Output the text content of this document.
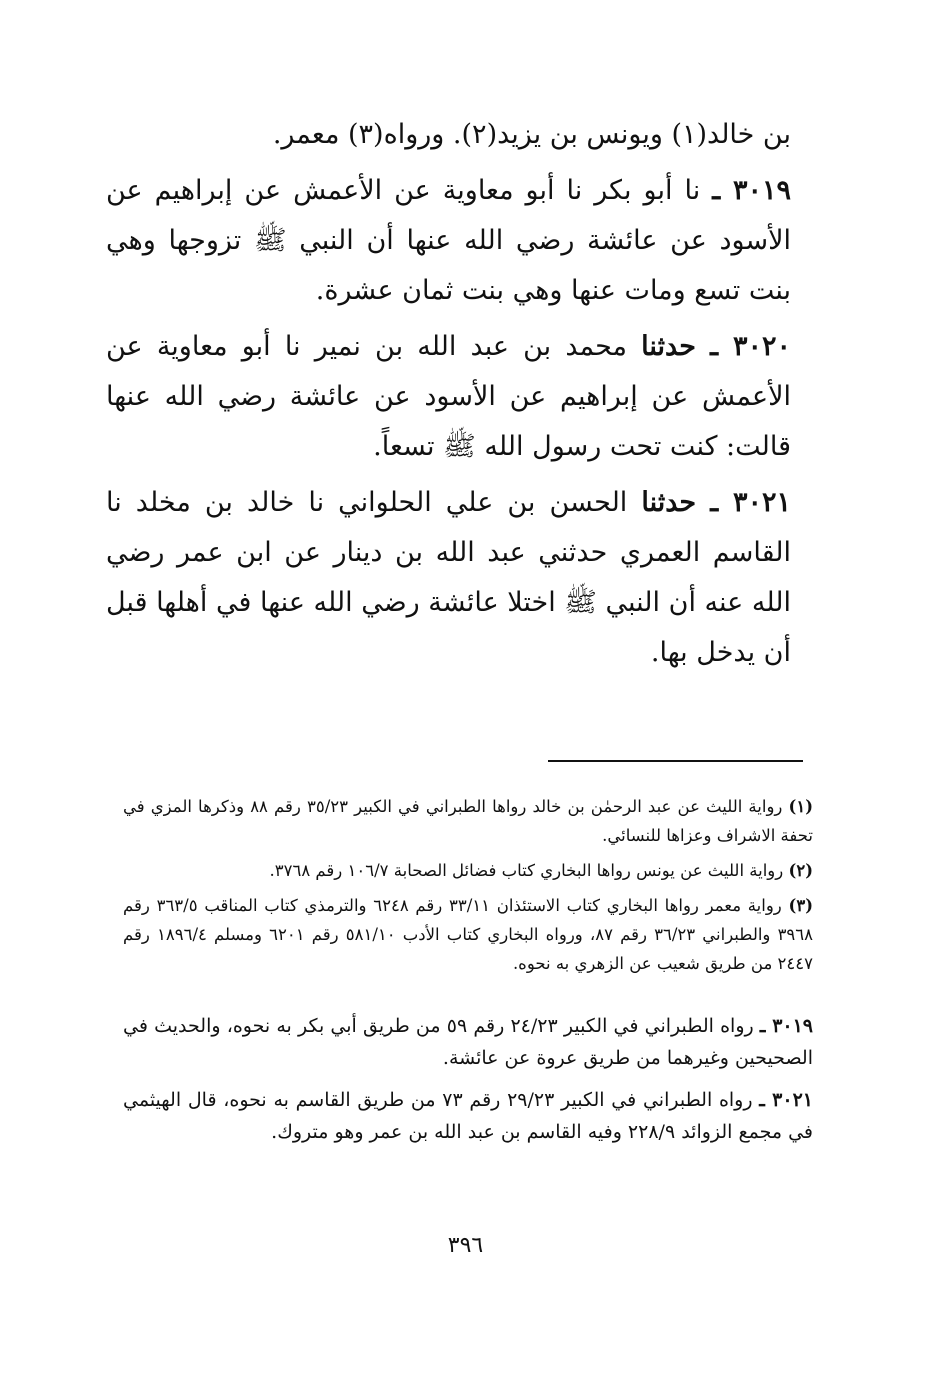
بن خالد(١) ويونس بن يزيد(٢). ورواه(٣) معمر.

٣٠١٩ ـ نا أبو بكر نا أبو معاوية عن الأعمش عن إبراهيم عن الأسود عن عائشة رضي الله عنها أن النبي ﷺ تزوجها وهي بنت تسع ومات عنها وهي بنت ثمان عشرة.

٣٠٢٠ ـ حدثنا محمد بن عبد الله بن نمير نا أبو معاوية عن الأعمش عن إبراهيم عن الأسود عن عائشة رضي الله عنها قالت: كنت تحت رسول الله ﷺ تسعاً.

٣٠٢١ ـ حدثنا الحسن بن علي الحلواني نا خالد بن مخلد نا القاسم العمري حدثني عبد الله بن دينار عن ابن عمر رضي الله عنه أن النبي ﷺ اختلا عائشة رضي الله عنها في أهلها قبل أن يدخل بها.

(١) رواية الليث عن عبد الرحمٰن بن خالد رواها الطبراني في الكبير ٣٥/٢٣ رقم ٨٨ وذكرها المزي في تحفة الاشراف وعزاها للنسائي.

(٢) رواية الليث عن يونس رواها البخاري كتاب فضائل الصحابة ١٠٦/٧ رقم ٣٧٦٨.

(٣) رواية معمر رواها البخاري كتاب الاستئذان ٣٣/١١ رقم ٦٢٤٨ والترمذي كتاب المناقب ٣٦٣/٥ رقم ٣٩٦٨ والطبراني ٣٦/٢٣ رقم ٨٧، ورواه البخاري كتاب الأدب ٥٨١/١٠ رقم ٦٢٠١ ومسلم ١٨٩٦/٤ رقم ٢٤٤٧ من طريق شعيب عن الزهري به نحوه.

٣٠١٩ ـ رواه الطبراني في الكبير ٢٤/٢٣ رقم ٥٩ من طريق أبي بكر به نحوه، والحديث في الصحيحين وغيرهما من طريق عروة عن عائشة.

٣٠٢١ ـ رواه الطبراني في الكبير ٢٩/٢٣ رقم ٧٣ من طريق القاسم به نحوه، قال الهيثمي في مجمع الزوائد ٢٢٨/٩ وفيه القاسم بن عبد الله بن عمر وهو متروك.

٣٩٦
